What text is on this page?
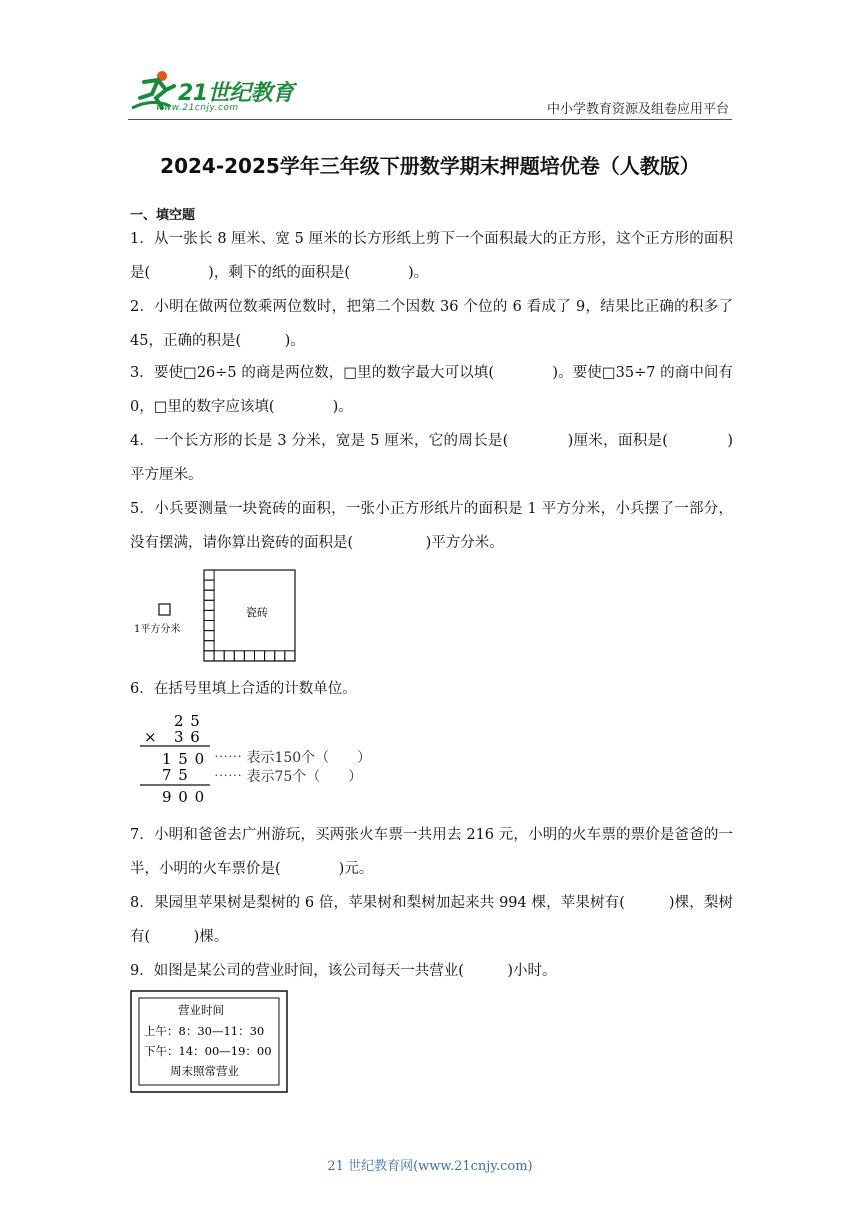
21世纪教育
www.21cnjy.com	中小学教育资源及组卷应用平台
2024-2025学年三年级下册数学期末押题培优卷（人教版）
一、填空题
1．从一张长 8 厘米、宽 5 厘米的长方形纸上剪下一个面积最大的正方形，这个正方形的面积是(　　　　)，剩下的纸的面积是(　　　　)。
2．小明在做两位数乘两位数时，把第二个因数 36 个位的 6 看成了 9，结果比正确的积多了 45，正确的积是(　　　)。
3．要使□26÷5 的商是两位数，□里的数字最大可以填(　　　　)。要使□35÷7 的商中间有 0，□里的数字应该填(　　　　)。
4．一个长方形的长是 3 分米，宽是 5 厘米，它的周长是(　　　　)厘米，面积是(　　　　)平方厘米。
5．小兵要测量一块瓷砖的面积，一张小正方形纸片的面积是 1 平方分米，小兵摆了一部分，没有摆满，请你算出瓷砖的面积是(　　　　　)平方分米。
1平方分米
瓷砖
6．在括号里填上合适的计数单位。
2 5
× 3 6
1 5 0
7 5
9 0 0
⋯⋯ 表示150个（　　）
⋯⋯ 表示75个（　　）
7．小明和爸爸去广州游玩，买两张火车票一共用去 216 元，小明的火车票的票价是爸爸的一半，小明的火车票价是(　　　　)元。
8．果园里苹果树是梨树的 6 倍，苹果树和梨树加起来共 994 棵，苹果树有(　　　)棵，梨树有(　　　)棵。
9．如图是某公司的营业时间，该公司每天一共营业(　　　)小时。
营业时间
上午：8：30—11：30
下午：14：00—19：00
周末照常营业
21 世纪教育网(www.21cnjy.com)
